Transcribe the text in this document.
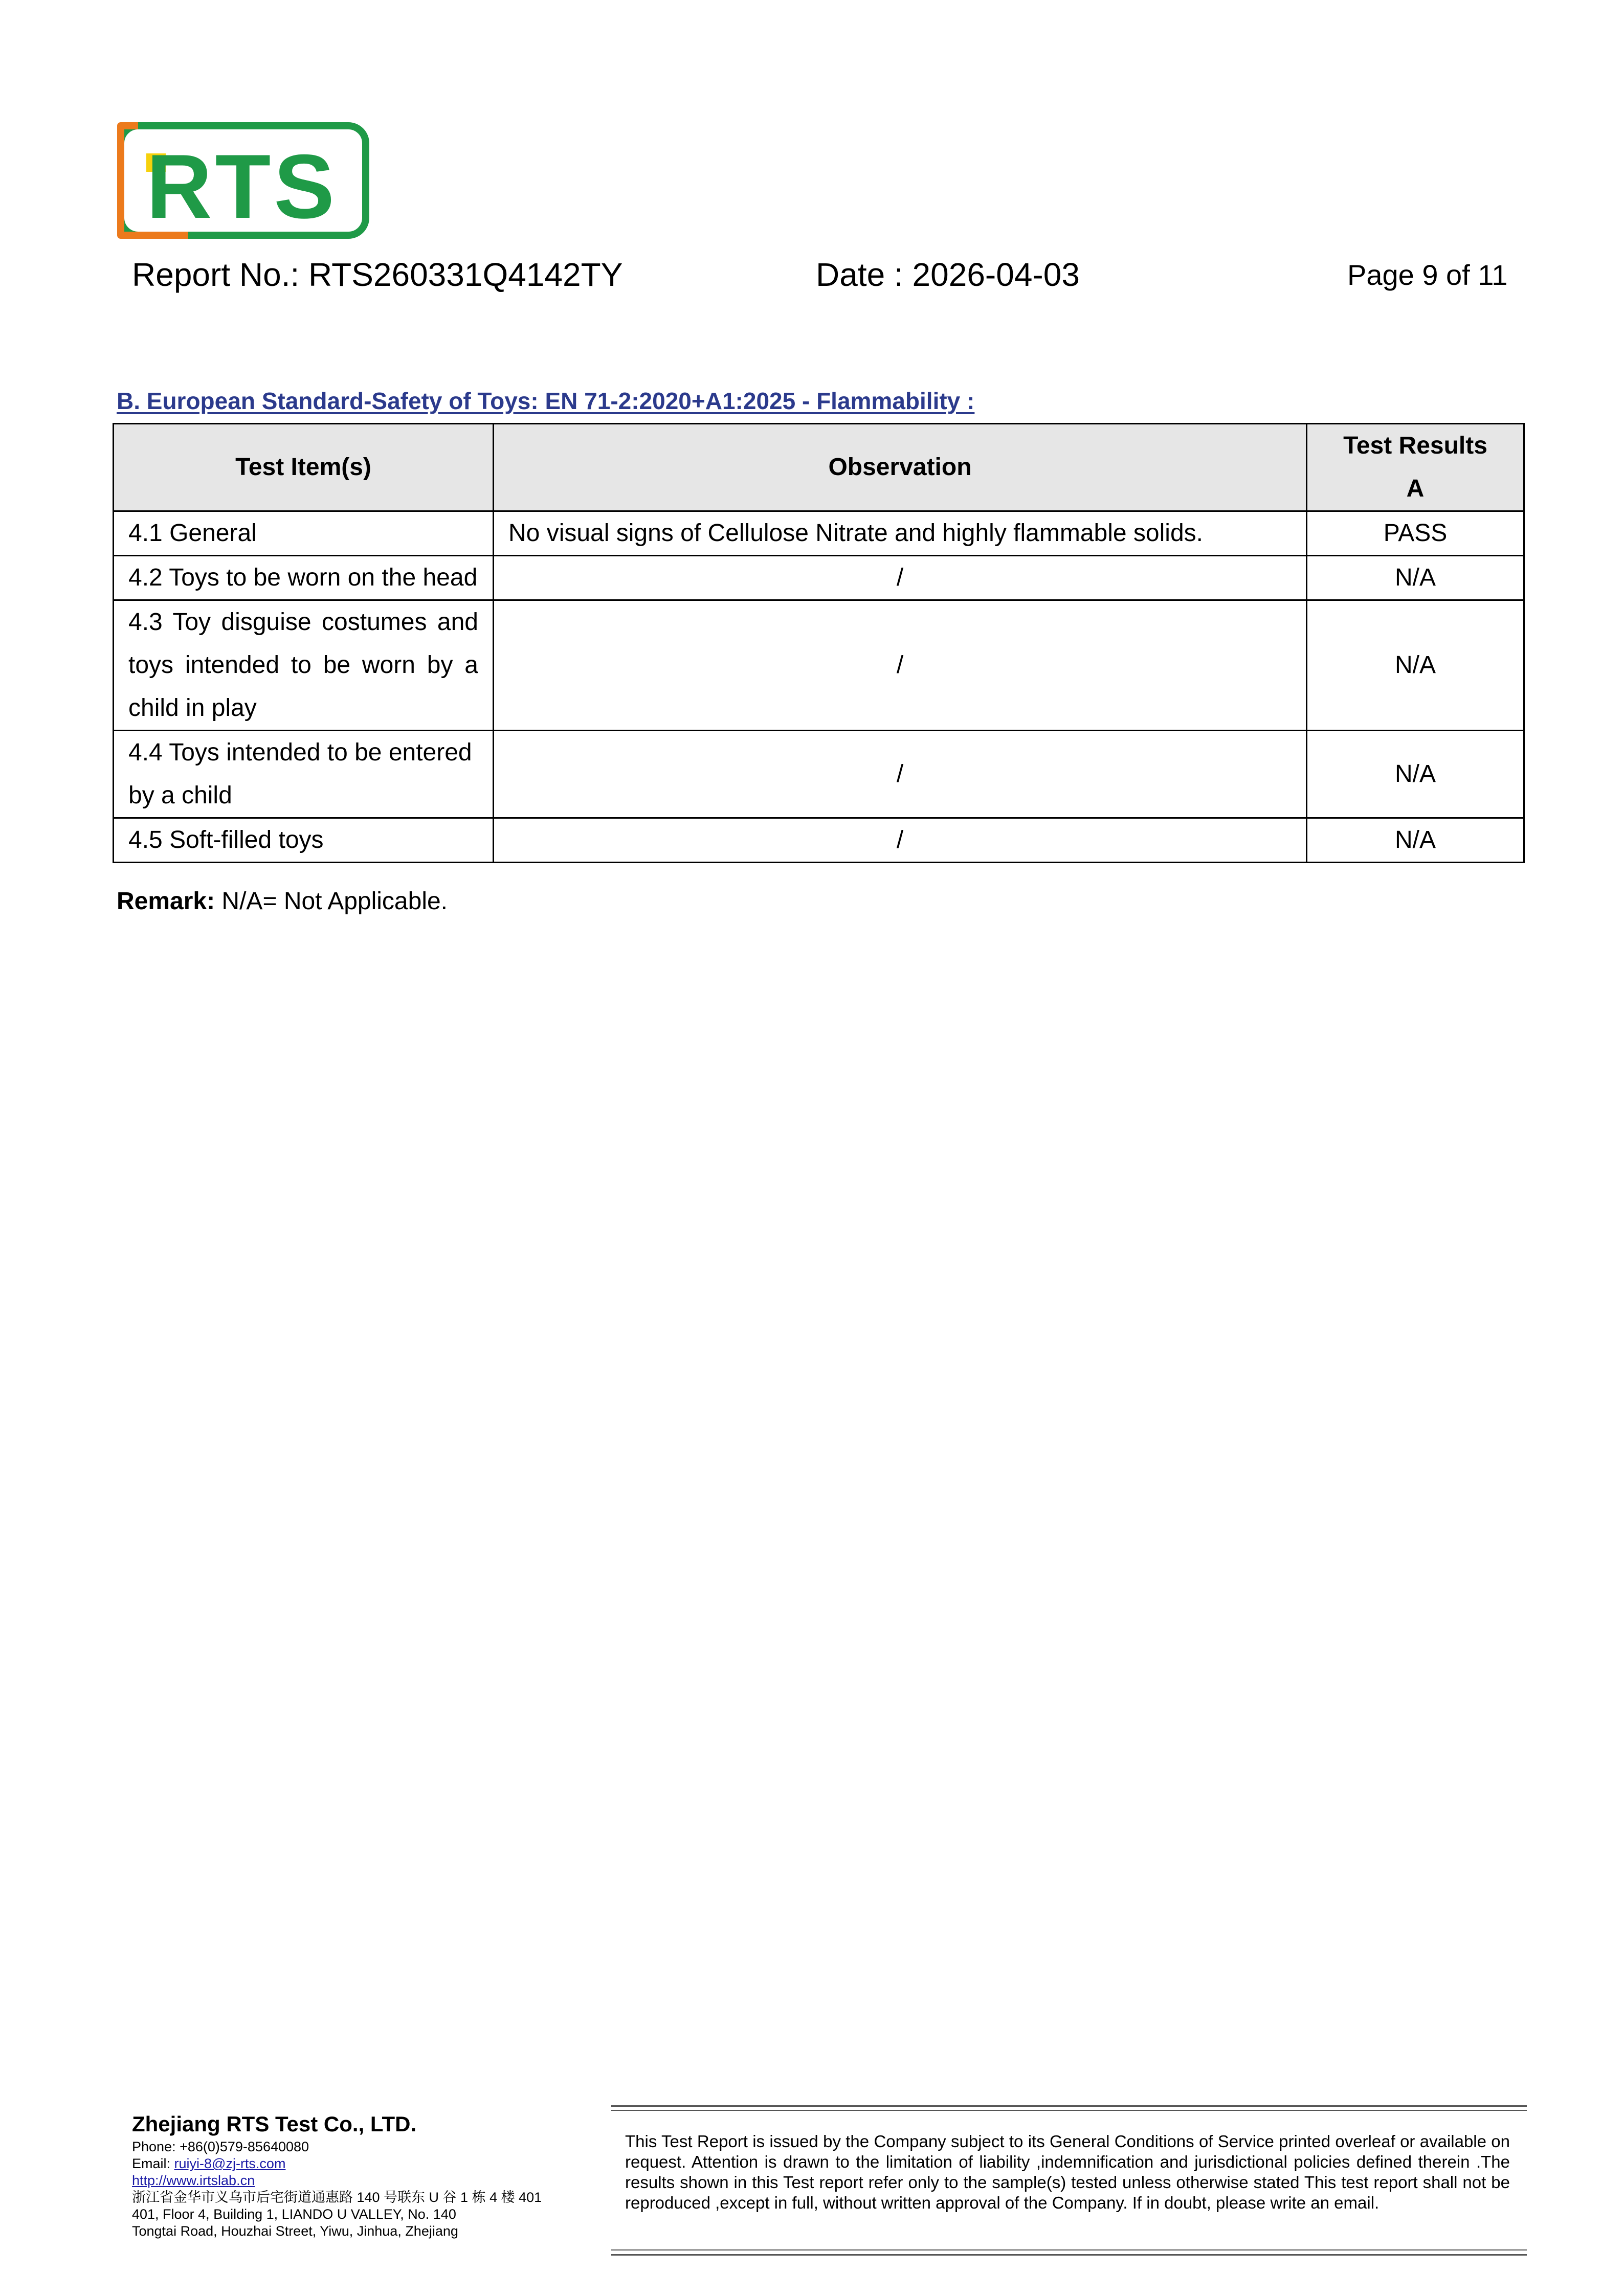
RTS
Report No.: RTS260331Q4142TY	Date : 2026-04-03	Page 9 of 11
B. European Standard-Safety of Toys: EN 71-2:2020+A1:2025 - Flammability :
Test Item(s)	Observation	Test Results
A

4.1 General	No visual signs of Cellulose Nitrate and highly flammable solids.	PASS
4.2 Toys to be worn on the head	/	N/A
4.3 Toy disguise costumes and toys intended to be worn by a child in play	/	N/A
4.4 Toys intended to be entered by a child	/	N/A
4.5 Soft-filled toys	/	N/A
Remark: N/A= Not Applicable.
Zhejiang RTS Test Co., LTD.
Phone: +86(0)579-85640080
Email: ruiyi-8@zj-rts.com
http://www.irtslab.cn
浙江省金华市义乌市后宅街道通惠路 140 号联东 U 谷 1 栋 4 楼 401
401, Floor 4, Building 1, LIANDO U VALLEY, No. 140
Tongtai Road, Houzhai Street, Yiwu, Jinhua, Zhejiang
This Test Report is issued by the Company subject to its General Conditions of Service printed overleaf or available on request. Attention is drawn to the limitation of liability ,indemnification and jurisdictional policies defined therein .The results shown in this Test report refer only to the sample(s) tested unless otherwise stated This test report shall not be reproduced ,except in full, without written approval of the Company. If in doubt, please write an email.
